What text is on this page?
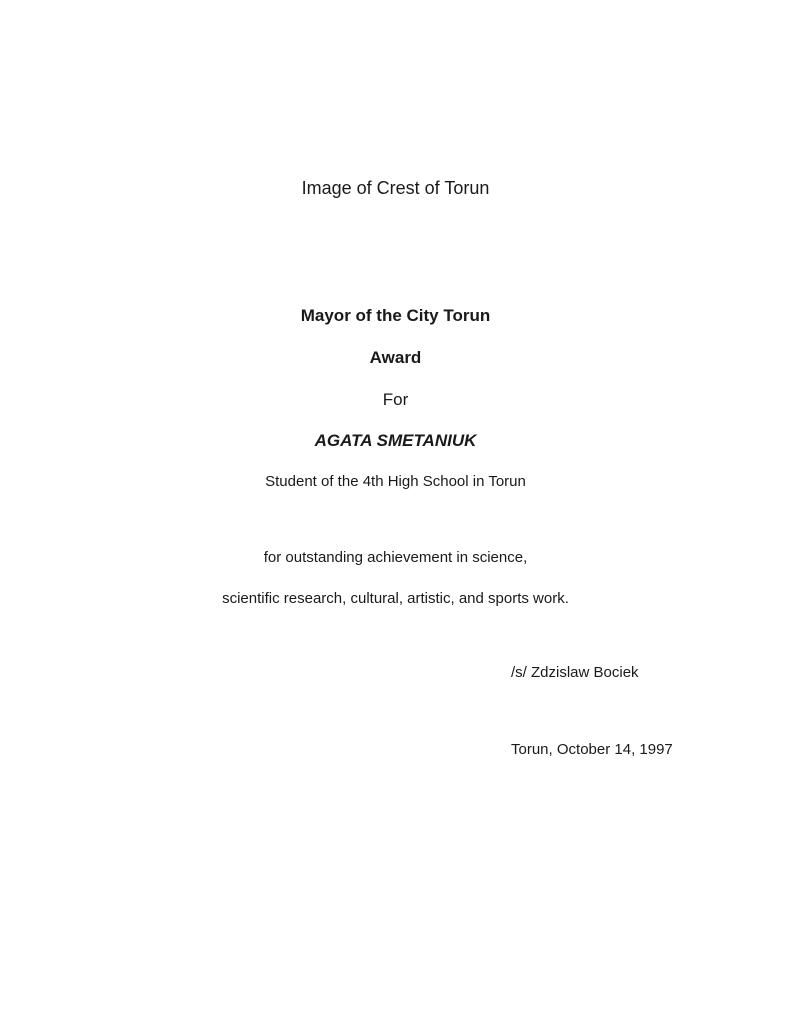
Image of Crest of Torun
Mayor of the City Torun
Award
For
AGATA SMETANIUK
Student of the 4th High School in Torun
for outstanding achievement in science,
scientific research, cultural, artistic, and sports work.
/s/ Zdzislaw Bociek
Torun, October 14, 1997
